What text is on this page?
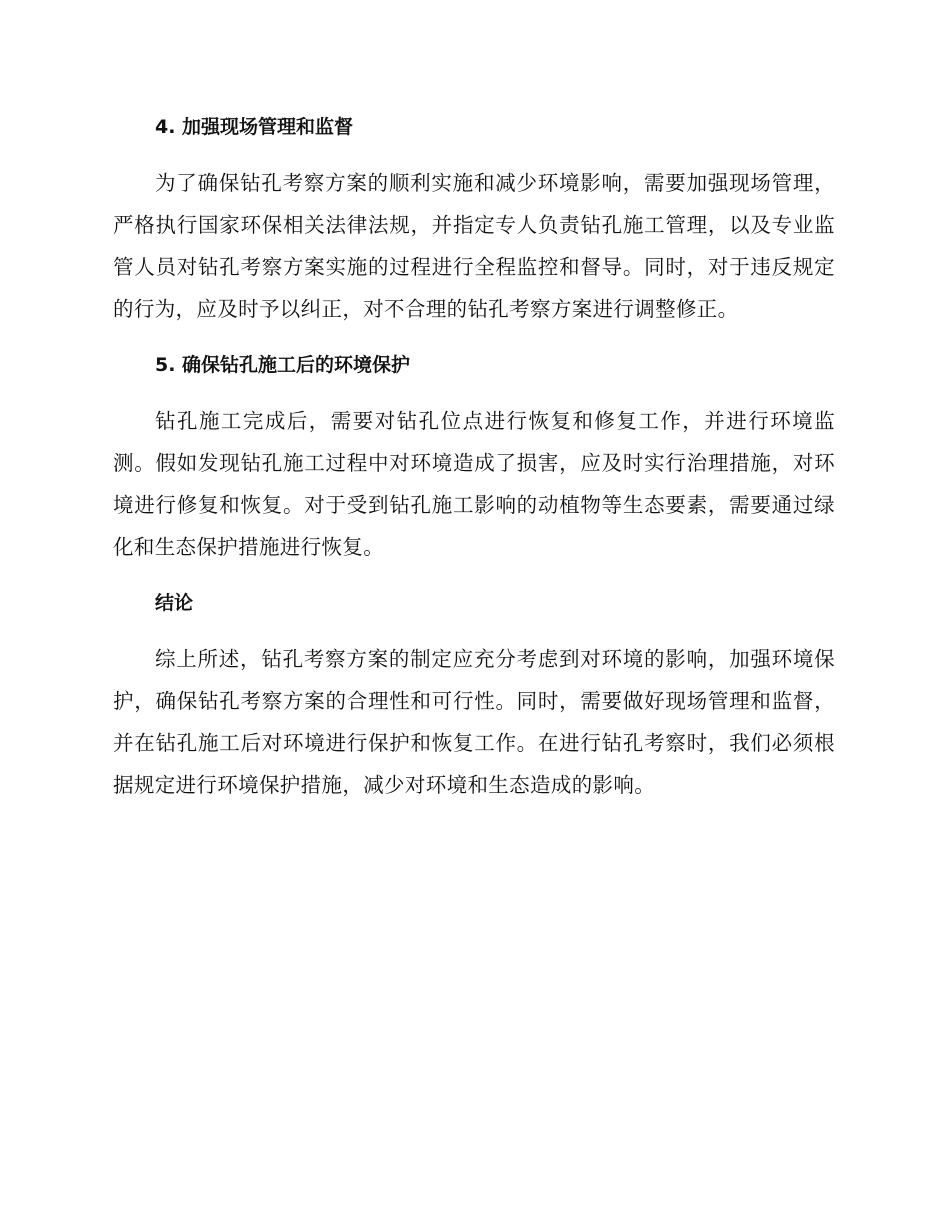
4. 加强现场管理和监督

为了确保钻孔考察方案的顺利实施和减少环境影响，需要加强现场管理，严格执行国家环保相关法律法规，并指定专人负责钻孔施工管理，以及专业监管人员对钻孔考察方案实施的过程进行全程监控和督导。同时，对于违反规定的行为，应及时予以纠正，对不合理的钻孔考察方案进行调整修正。

5. 确保钻孔施工后的环境保护

钻孔施工完成后，需要对钻孔位点进行恢复和修复工作，并进行环境监测。假如发现钻孔施工过程中对环境造成了损害，应及时实行治理措施，对环境进行修复和恢复。对于受到钻孔施工影响的动植物等生态要素，需要通过绿化和生态保护措施进行恢复。

结论

综上所述，钻孔考察方案的制定应充分考虑到对环境的影响，加强环境保护，确保钻孔考察方案的合理性和可行性。同时，需要做好现场管理和监督，并在钻孔施工后对环境进行保护和恢复工作。在进行钻孔考察时，我们必须根据规定进行环境保护措施，减少对环境和生态造成的影响。
